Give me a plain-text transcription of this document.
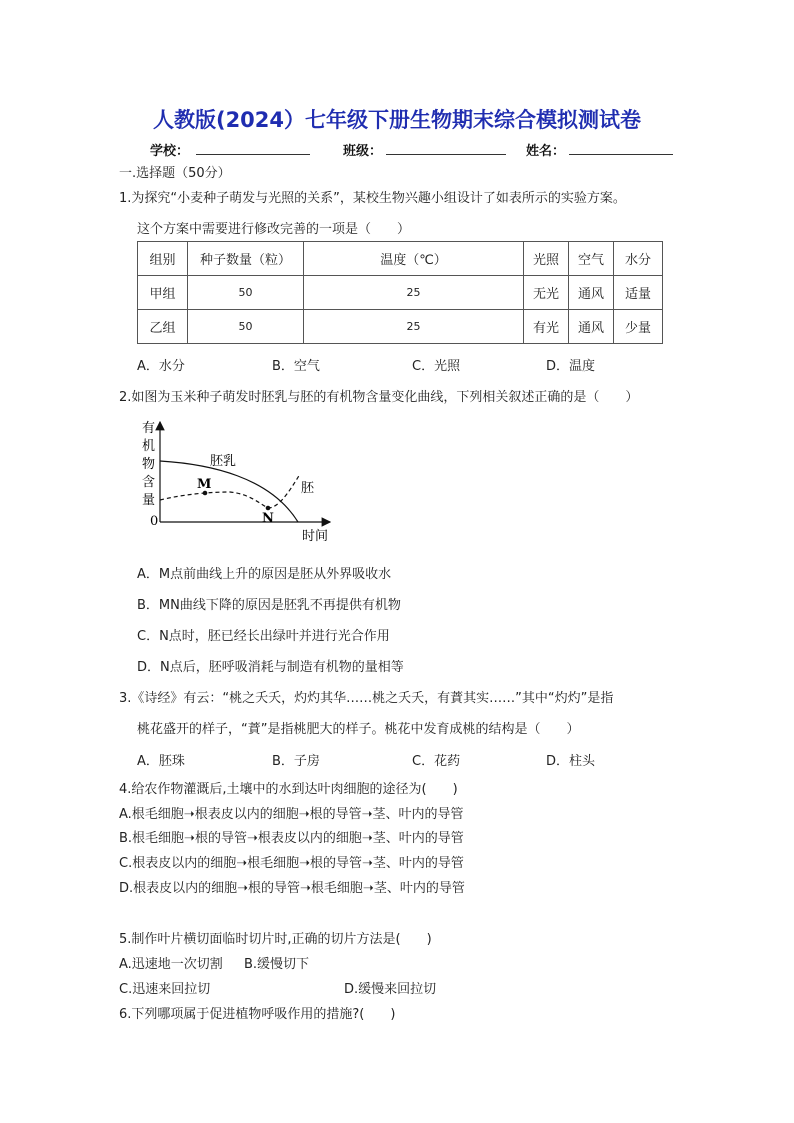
人教版(2024）七年级下册生物期末综合模拟测试卷
学校：	班级：	姓名：
一.选择题（50分）
1.为探究“小麦种子萌发与光照的关系”，某校生物兴趣小组设计了如表所示的实验方案。
这个方案中需要进行修改完善的一项是（　　）
组别	种子数量（粒）	温度（℃）	光照	空气	水分
甲组	50	25	无光	通风	适量
乙组	50	25	有光	通风	少量
A．水分	B．空气	C．光照	D．温度
2.如图为玉米种子萌发时胚乳与胚的有机物含量变化曲线，下列相关叙述正确的是（　　）
有
机
物
含
量
0
时间
M
N
胚乳
胚
A．M点前曲线上升的原因是胚从外界吸收水
B．MN曲线下降的原因是胚乳不再提供有机物
C．N点时，胚已经长出绿叶并进行光合作用
D．N点后，胚呼吸消耗与制造有机物的量相等
3.《诗经》有云：“桃之夭夭，灼灼其华……桃之夭夭，有蕡其实……”其中“灼灼”是指
桃花盛开的样子，“蕡”是指桃肥大的样子。桃花中发育成桃的结构是（　　）
A．胚珠	B．子房	C．花药	D．柱头
4.给农作物灌溉后,土壤中的水到达叶肉细胞的途径为(　　)
A.根毛细胞➝根表皮以内的细胞➝根的导管➝茎、叶内的导管
B.根毛细胞➝根的导管➝根表皮以内的细胞➝茎、叶内的导管
C.根表皮以内的细胞➝根毛细胞➝根的导管➝茎、叶内的导管
D.根表皮以内的细胞➝根的导管➝根毛细胞➝茎、叶内的导管
5.制作叶片横切面临时切片时,正确的切片方法是(　　)
A.迅速地一次切割 B.缓慢切下
C.迅速来回拉切	D.缓慢来回拉切
6.下列哪项属于促进植物呼吸作用的措施?(　　)
